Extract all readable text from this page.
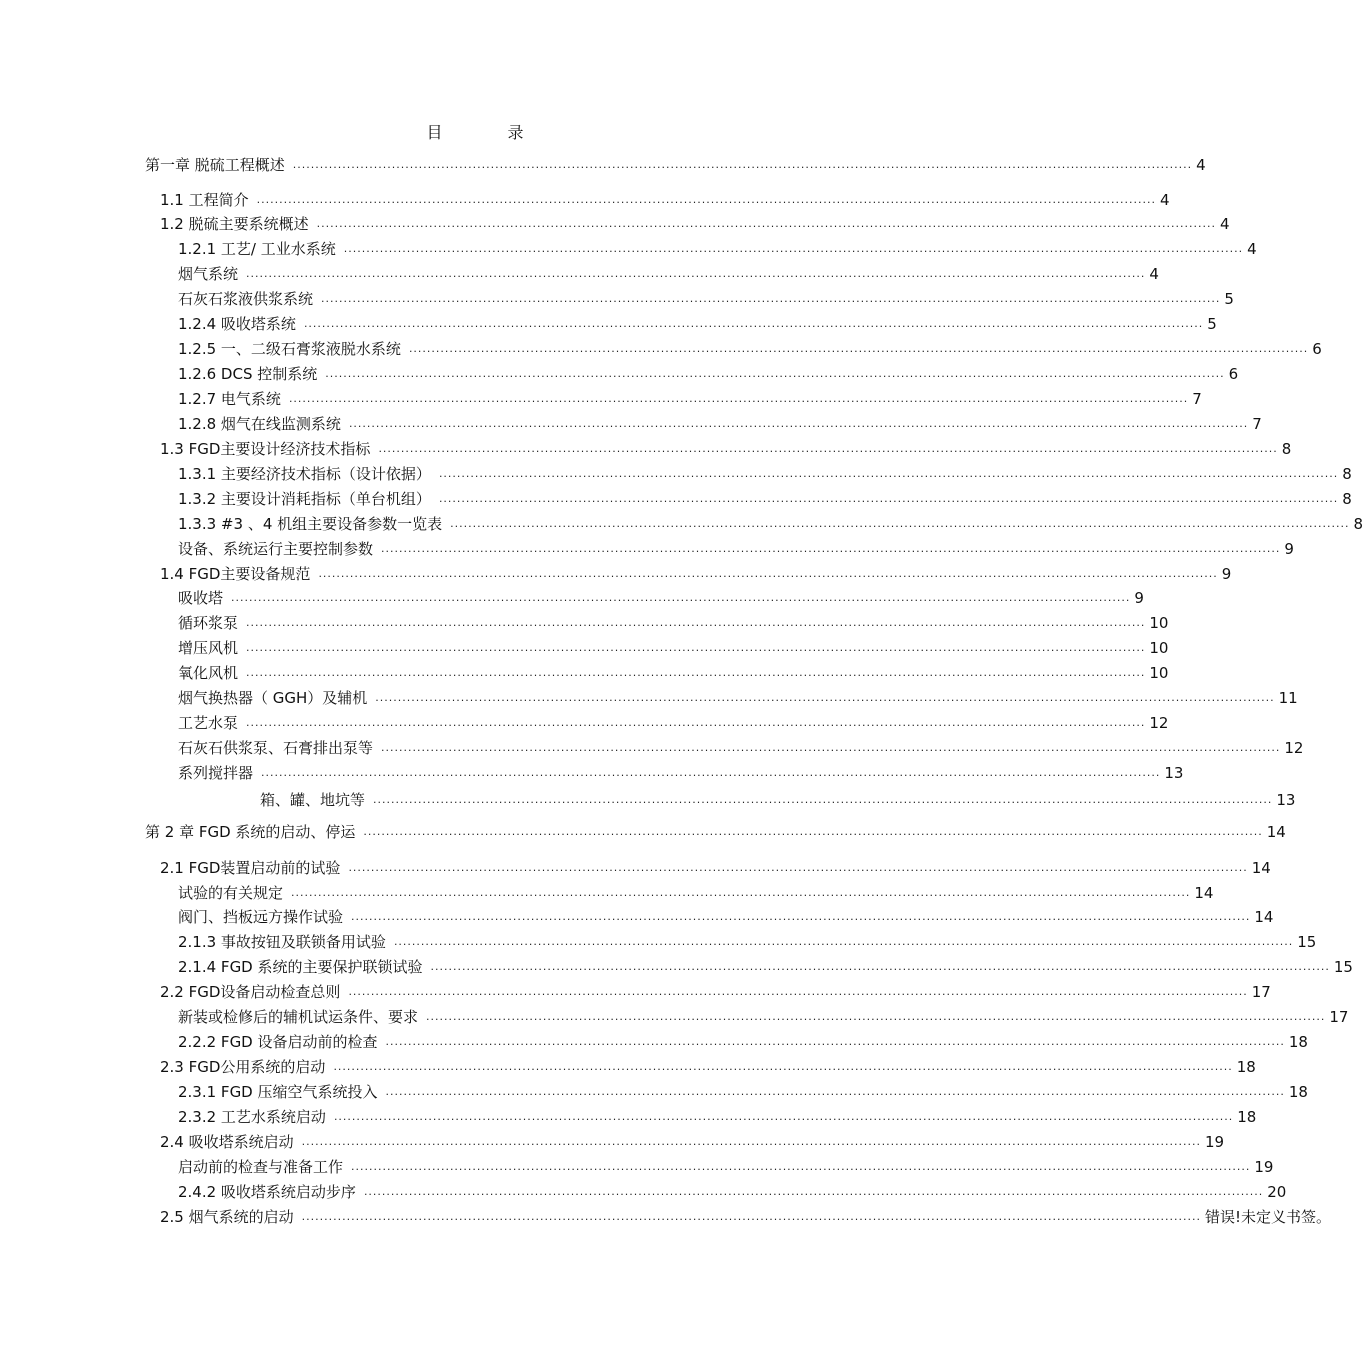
目 录
第一章 脱硫工程概述 ........................................................................................................................................................................................................ 4
1.1 工程简介 ........................................................................................................................................................................................................ 4
1.2 脱硫主要系统概述 ........................................................................................................................................................................................................ 4
1.2.1 工艺/ 工业水系统 ........................................................................................................................................................................................................ 4
烟气系统 ........................................................................................................................................................................................................ 4
石灰石浆液供浆系统 ........................................................................................................................................................................................................ 5
1.2.4 吸收塔系统 ........................................................................................................................................................................................................ 5
1.2.5 一、二级石膏浆液脱水系统 ........................................................................................................................................................................................................ 6
1.2.6 DCS 控制系统 ........................................................................................................................................................................................................ 6
1.2.7 电气系统 ........................................................................................................................................................................................................ 7
1.2.8 烟气在线监测系统 ........................................................................................................................................................................................................ 7
1.3 FGD主要设计经济技术指标 ........................................................................................................................................................................................................ 8
1.3.1 主要经济技术指标（设计依据） ........................................................................................................................................................................................................ 8
1.3.2 主要设计消耗指标（单台机组） ........................................................................................................................................................................................................ 8
1.3.3 #3 、4 机组主要设备参数一览表 ........................................................................................................................................................................................................ 8
设备、系统运行主要控制参数 ........................................................................................................................................................................................................ 9
1.4 FGD主要设备规范 ........................................................................................................................................................................................................ 9
吸收塔 ........................................................................................................................................................................................................ 9
循环浆泵 ........................................................................................................................................................................................................ 10
增压风机 ........................................................................................................................................................................................................ 10
氧化风机 ........................................................................................................................................................................................................ 10
烟气换热器（ GGH）及辅机 ........................................................................................................................................................................................................ 11
工艺水泵 ........................................................................................................................................................................................................ 12
石灰石供浆泵、石膏排出泵等 ........................................................................................................................................................................................................ 12
系列搅拌器 ........................................................................................................................................................................................................ 13
箱、罐、地坑等 ........................................................................................................................................................................................................ 13
第 2 章 FGD 系统的启动、停运 ........................................................................................................................................................................................................ 14
2.1 FGD装置启动前的试验 ........................................................................................................................................................................................................ 14
试验的有关规定 ........................................................................................................................................................................................................ 14
阀门、挡板远方操作试验 ........................................................................................................................................................................................................ 14
2.1.3 事故按钮及联锁备用试验 ........................................................................................................................................................................................................ 15
2.1.4 FGD 系统的主要保护联锁试验 ........................................................................................................................................................................................................ 15
2.2 FGD设备启动检查总则 ........................................................................................................................................................................................................ 17
新装或检修后的辅机试运条件、要求 ........................................................................................................................................................................................................ 17
2.2.2 FGD 设备启动前的检查 ........................................................................................................................................................................................................ 18
2.3 FGD公用系统的启动 ........................................................................................................................................................................................................ 18
2.3.1 FGD 压缩空气系统投入 ........................................................................................................................................................................................................ 18
2.3.2 工艺水系统启动 ........................................................................................................................................................................................................ 18
2.4 吸收塔系统启动 ........................................................................................................................................................................................................ 19
启动前的检查与准备工作 ........................................................................................................................................................................................................ 19
2.4.2 吸收塔系统启动步序 ........................................................................................................................................................................................................ 20
2.5 烟气系统的启动 ........................................................................................................................................................................................................ 错误!未定义书签。
